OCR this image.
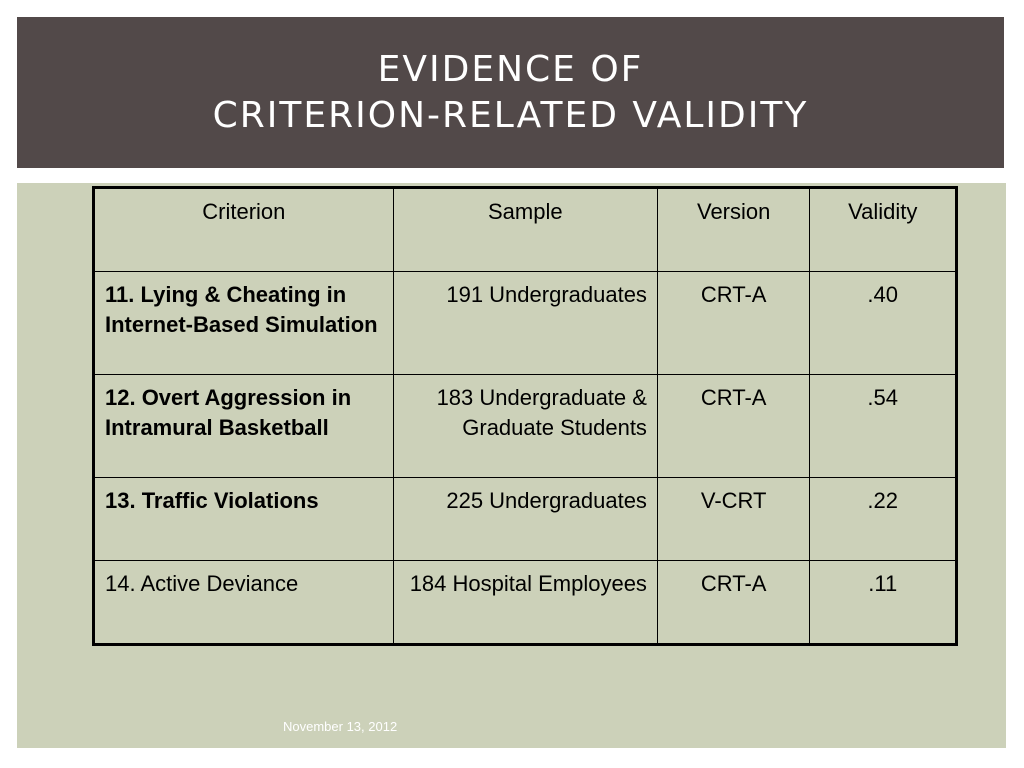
EVIDENCE OF
CRITERION-RELATED VALIDITY
Criterion	Sample	Version	Validity
11. Lying & Cheating in Internet-Based Simulation	191 Undergraduates	CRT-A	.40
12. Overt Aggression in Intramural Basketball	183 Undergraduate & Graduate Students	CRT-A	.54
13. Traffic Violations	225 Undergraduates	V-CRT	.22
14. Active Deviance	184 Hospital Employees	CRT-A	.11
November 13, 2012
